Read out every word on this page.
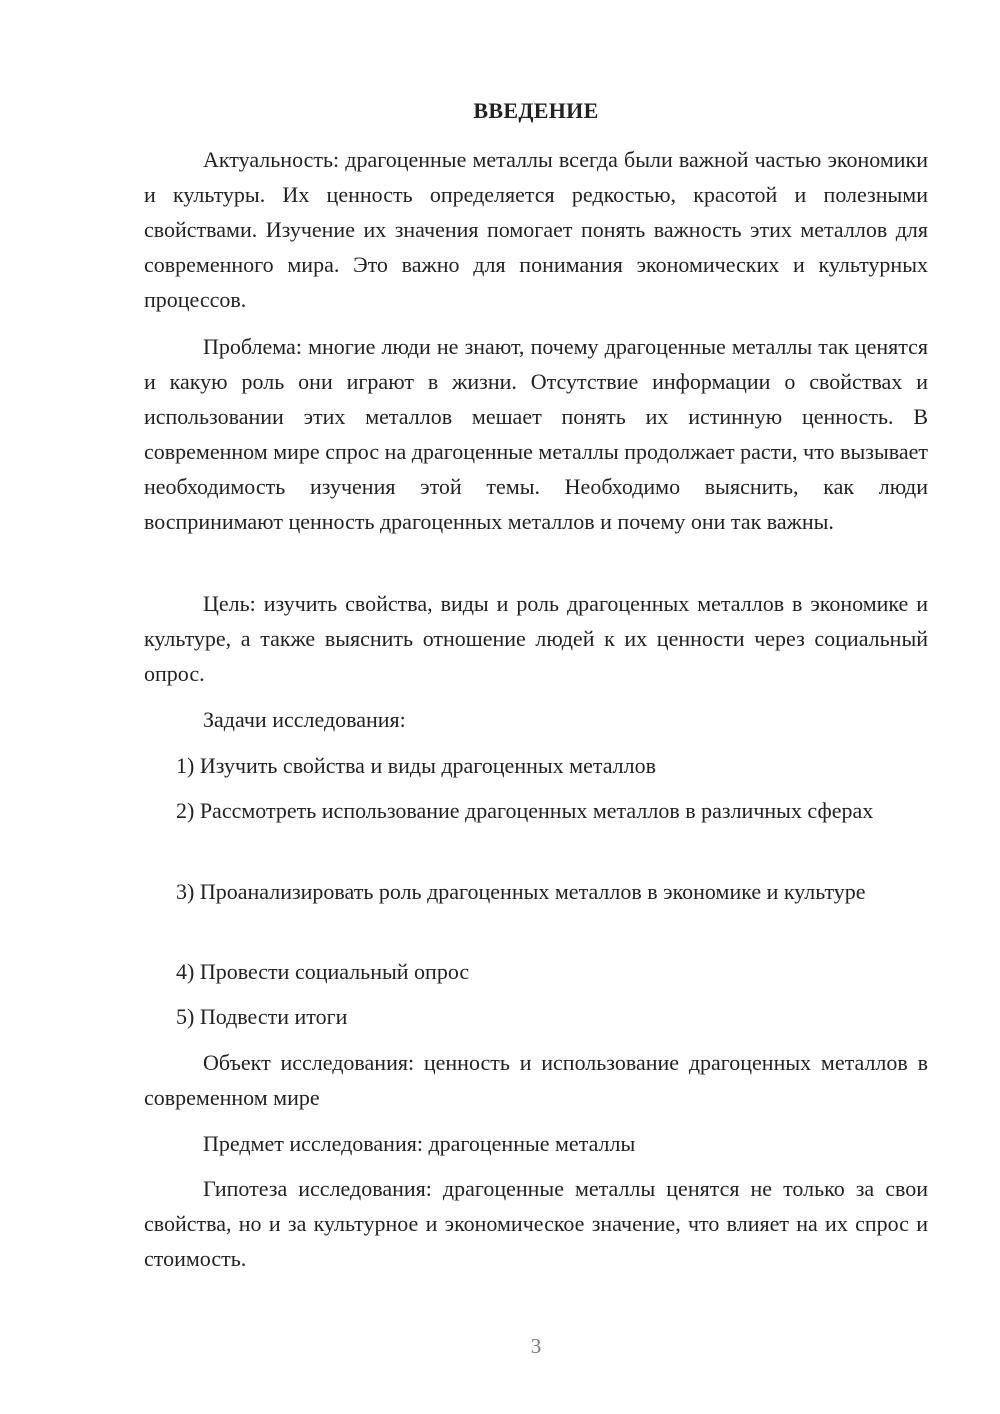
ВВЕДЕНИЕ

Актуальность: драгоценные металлы всегда были важной частью экономики и культуры. Их ценность определяется редкостью, красотой и полезными свойствами. Изучение их значения помогает понять важность этих металлов для современного мира. Это важно для понимания экономических и культурных процессов.

Проблема: многие люди не знают, почему драгоценные металлы так ценятся и какую роль они играют в жизни. Отсутствие информации о свойствах и использовании этих металлов мешает понять их истинную ценность. В современном мире спрос на драгоценные металлы продолжает расти, что вызывает необходимость изучения этой темы. Необходимо выяснить, как люди воспринимают ценность драгоценных металлов и почему они так важны.

Цель: изучить свойства, виды и роль драгоценных металлов в экономике и культуре, а также выяснить отношение людей к их ценности через социальный опрос.

Задачи исследования:

1) Изучить свойства и виды драгоценных металлов

2) Рассмотреть использование драгоценных металлов в различных сферах

3) Проанализировать роль драгоценных металлов в экономике и культуре

4) Провести социальный опрос

5) Подвести итоги

Объект исследования: ценность и использование драгоценных металлов в современном мире

Предмет исследования: драгоценные металлы

Гипотеза исследования: драгоценные металлы ценятся не только за свои свойства, но и за культурное и экономическое значение, что влияет на их спрос и стоимость.

3
